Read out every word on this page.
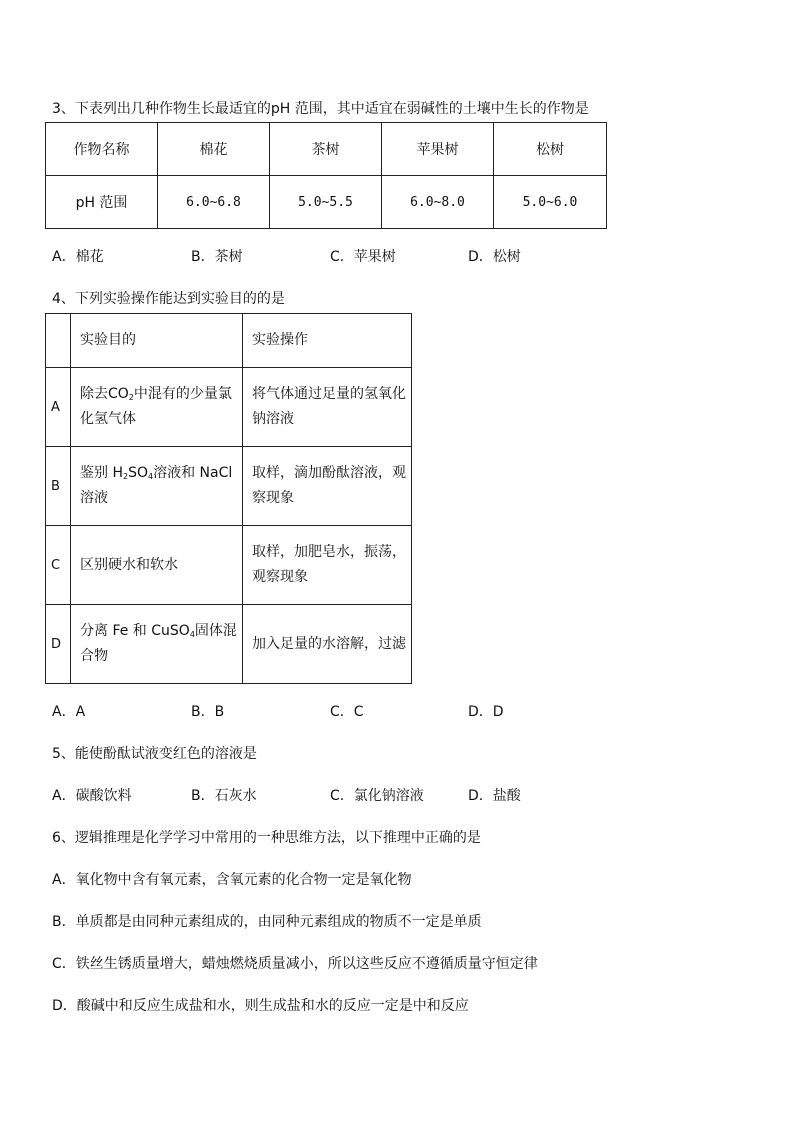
3、下表列出几种作物生长最适宜的pH 范围，其中适宜在弱碱性的土壤中生长的作物是
作物名称	棉花	茶树	苹果树	松树
pH 范围	6.0~6.8	5.0~5.5	6.0~8.0	5.0~6.0
A．棉花	B．茶树	C．苹果树	D．松树
4、下列实验操作能达到实验目的的是
	实验目的	实验操作
A	除去$CO_2$中混有的少量氯化氢气体	将气体通过足量的氢氧化钠溶液
B	鉴别 $H_2SO_4$溶液和 NaCl 溶液	取样，滴加酚酞溶液，观察现象
C	区别硬水和软水	取样，加肥皂水，振荡，观察现象
D	分离 Fe 和 CuSO$_4$固体混合物	加入足量的水溶解，过滤
A．A	B．B	C．C	D．D
5、能使酚酞试液变红色的溶液是
A．碳酸饮料	B．石灰水	C．氯化钠溶液	D．盐酸
6、逻辑推理是化学学习中常用的一种思维方法，以下推理中正确的是
A．氧化物中含有氧元素，含氧元素的化合物一定是氧化物
B．单质都是由同种元素组成的，由同种元素组成的物质不一定是单质
C．铁丝生锈质量增大，蜡烛燃烧质量减小，所以这些反应不遵循质量守恒定律
D．酸碱中和反应生成盐和水，则生成盐和水的反应一定是中和反应
